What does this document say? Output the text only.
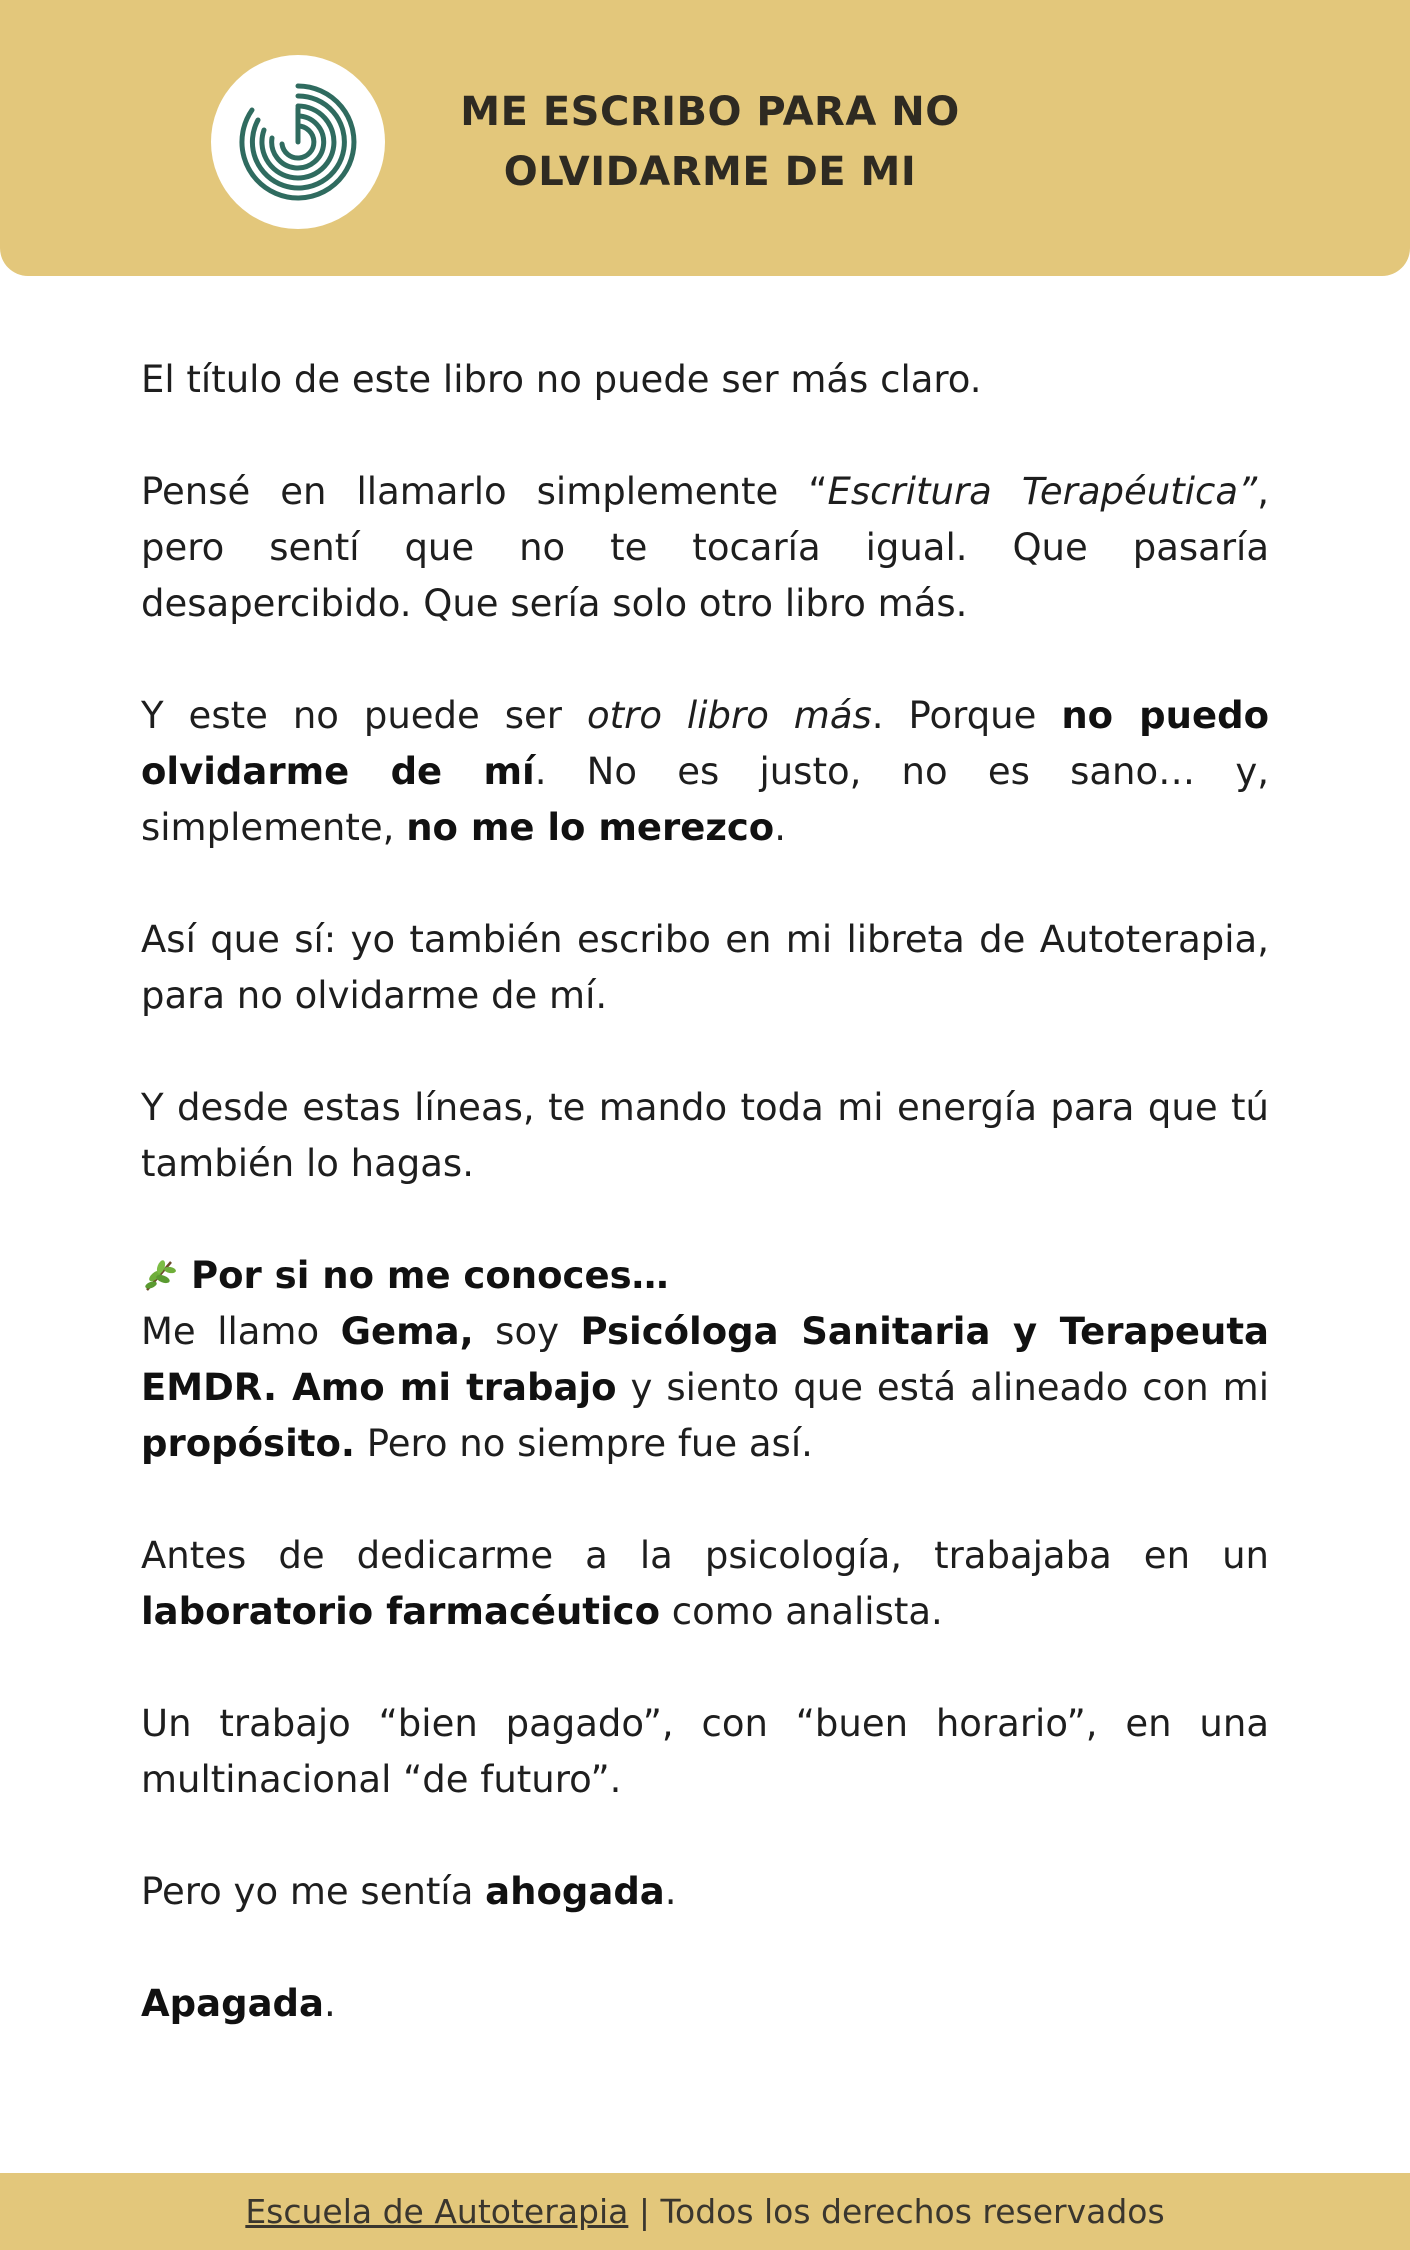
ME ESCRIBO PARA NO
OLVIDARME DE MI

El título de este libro no puede ser más claro.

Pensé en llamarlo simplemente “Escritura Terapéutica”, pero sentí que no te tocaría igual. Que pasaría desapercibido. Que sería solo otro libro más.

Y este no puede ser otro libro más. Porque no puedo olvidarme de mí. No es justo, no es sano… y, simplemente, no me lo merezco.

Así que sí: yo también escribo en mi libreta de Autoterapia, para no olvidarme de mí.

Y desde estas líneas, te mando toda mi energía para que tú también lo hagas.

Por si no me conoces…
Me llamo Gema, soy Psicóloga Sanitaria y Terapeuta EMDR. Amo mi trabajo y siento que está alineado con mi propósito. Pero no siempre fue así.

Antes de dedicarme a la psicología, trabajaba en un laboratorio farmacéutico como analista.

Un trabajo “bien pagado”, con “buen horario”, en una multinacional “de futuro”.

Pero yo me sentía ahogada.

Apagada.

Escuela de Autoterapia | Todos los derechos reservados
